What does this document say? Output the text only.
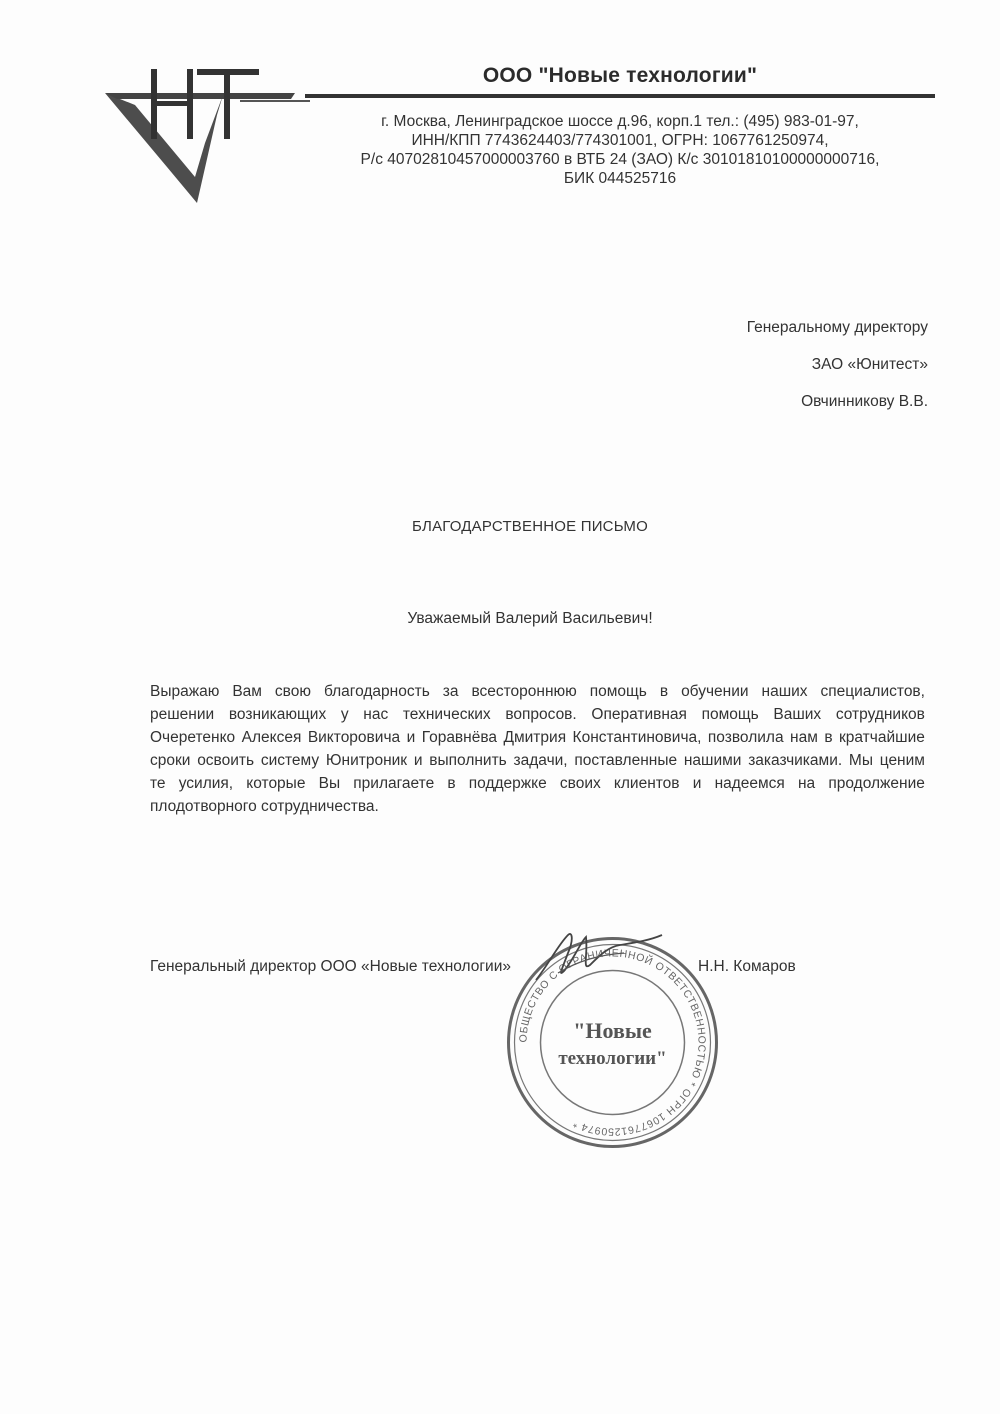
ООО "Новые технологии"
г. Москва, Ленинградское шоссе д.96, корп.1 тел.: (495) 983-01-97,
ИНН/КПП 7743624403/774301001, ОГРН: 1067761250974,
Р/с 40702810457000003760 в ВТБ 24 (ЗАО) К/с 30101810100000000716,
БИК 044525716
Генеральному директору
ЗАО «Юнитест»
Овчинникову В.В.
БЛАГОДАРСТВЕННОЕ ПИСЬМО
Уважаемый Валерий Васильевич!
Выражаю Вам свою благодарность за всестороннюю помощь в обучении наших специалистов,
решении возникающих у нас технических вопросов. Оперативная помощь Ваших сотрудников
Очеретенко Алексея Викторовича и Горавнёва Дмитрия Константиновича, позволила нам в кратчайшие
сроки освоить систему Юнитроник и выполнить задачи, поставленные нашими заказчиками. Мы ценим
те усилия, которые Вы прилагаете в поддержке своих клиентов и надеемся на продолжение
плодотворного сотрудничества.
ОБЩЕСТВО С ОГРАНИЧЕННОЙ ОТВЕТСТВЕННОСТЬЮ * ОГРН 1067761250974 *
"Новые
технологии"
Генеральный директор ООО «Новые технологии»	Н.Н. Комаров
